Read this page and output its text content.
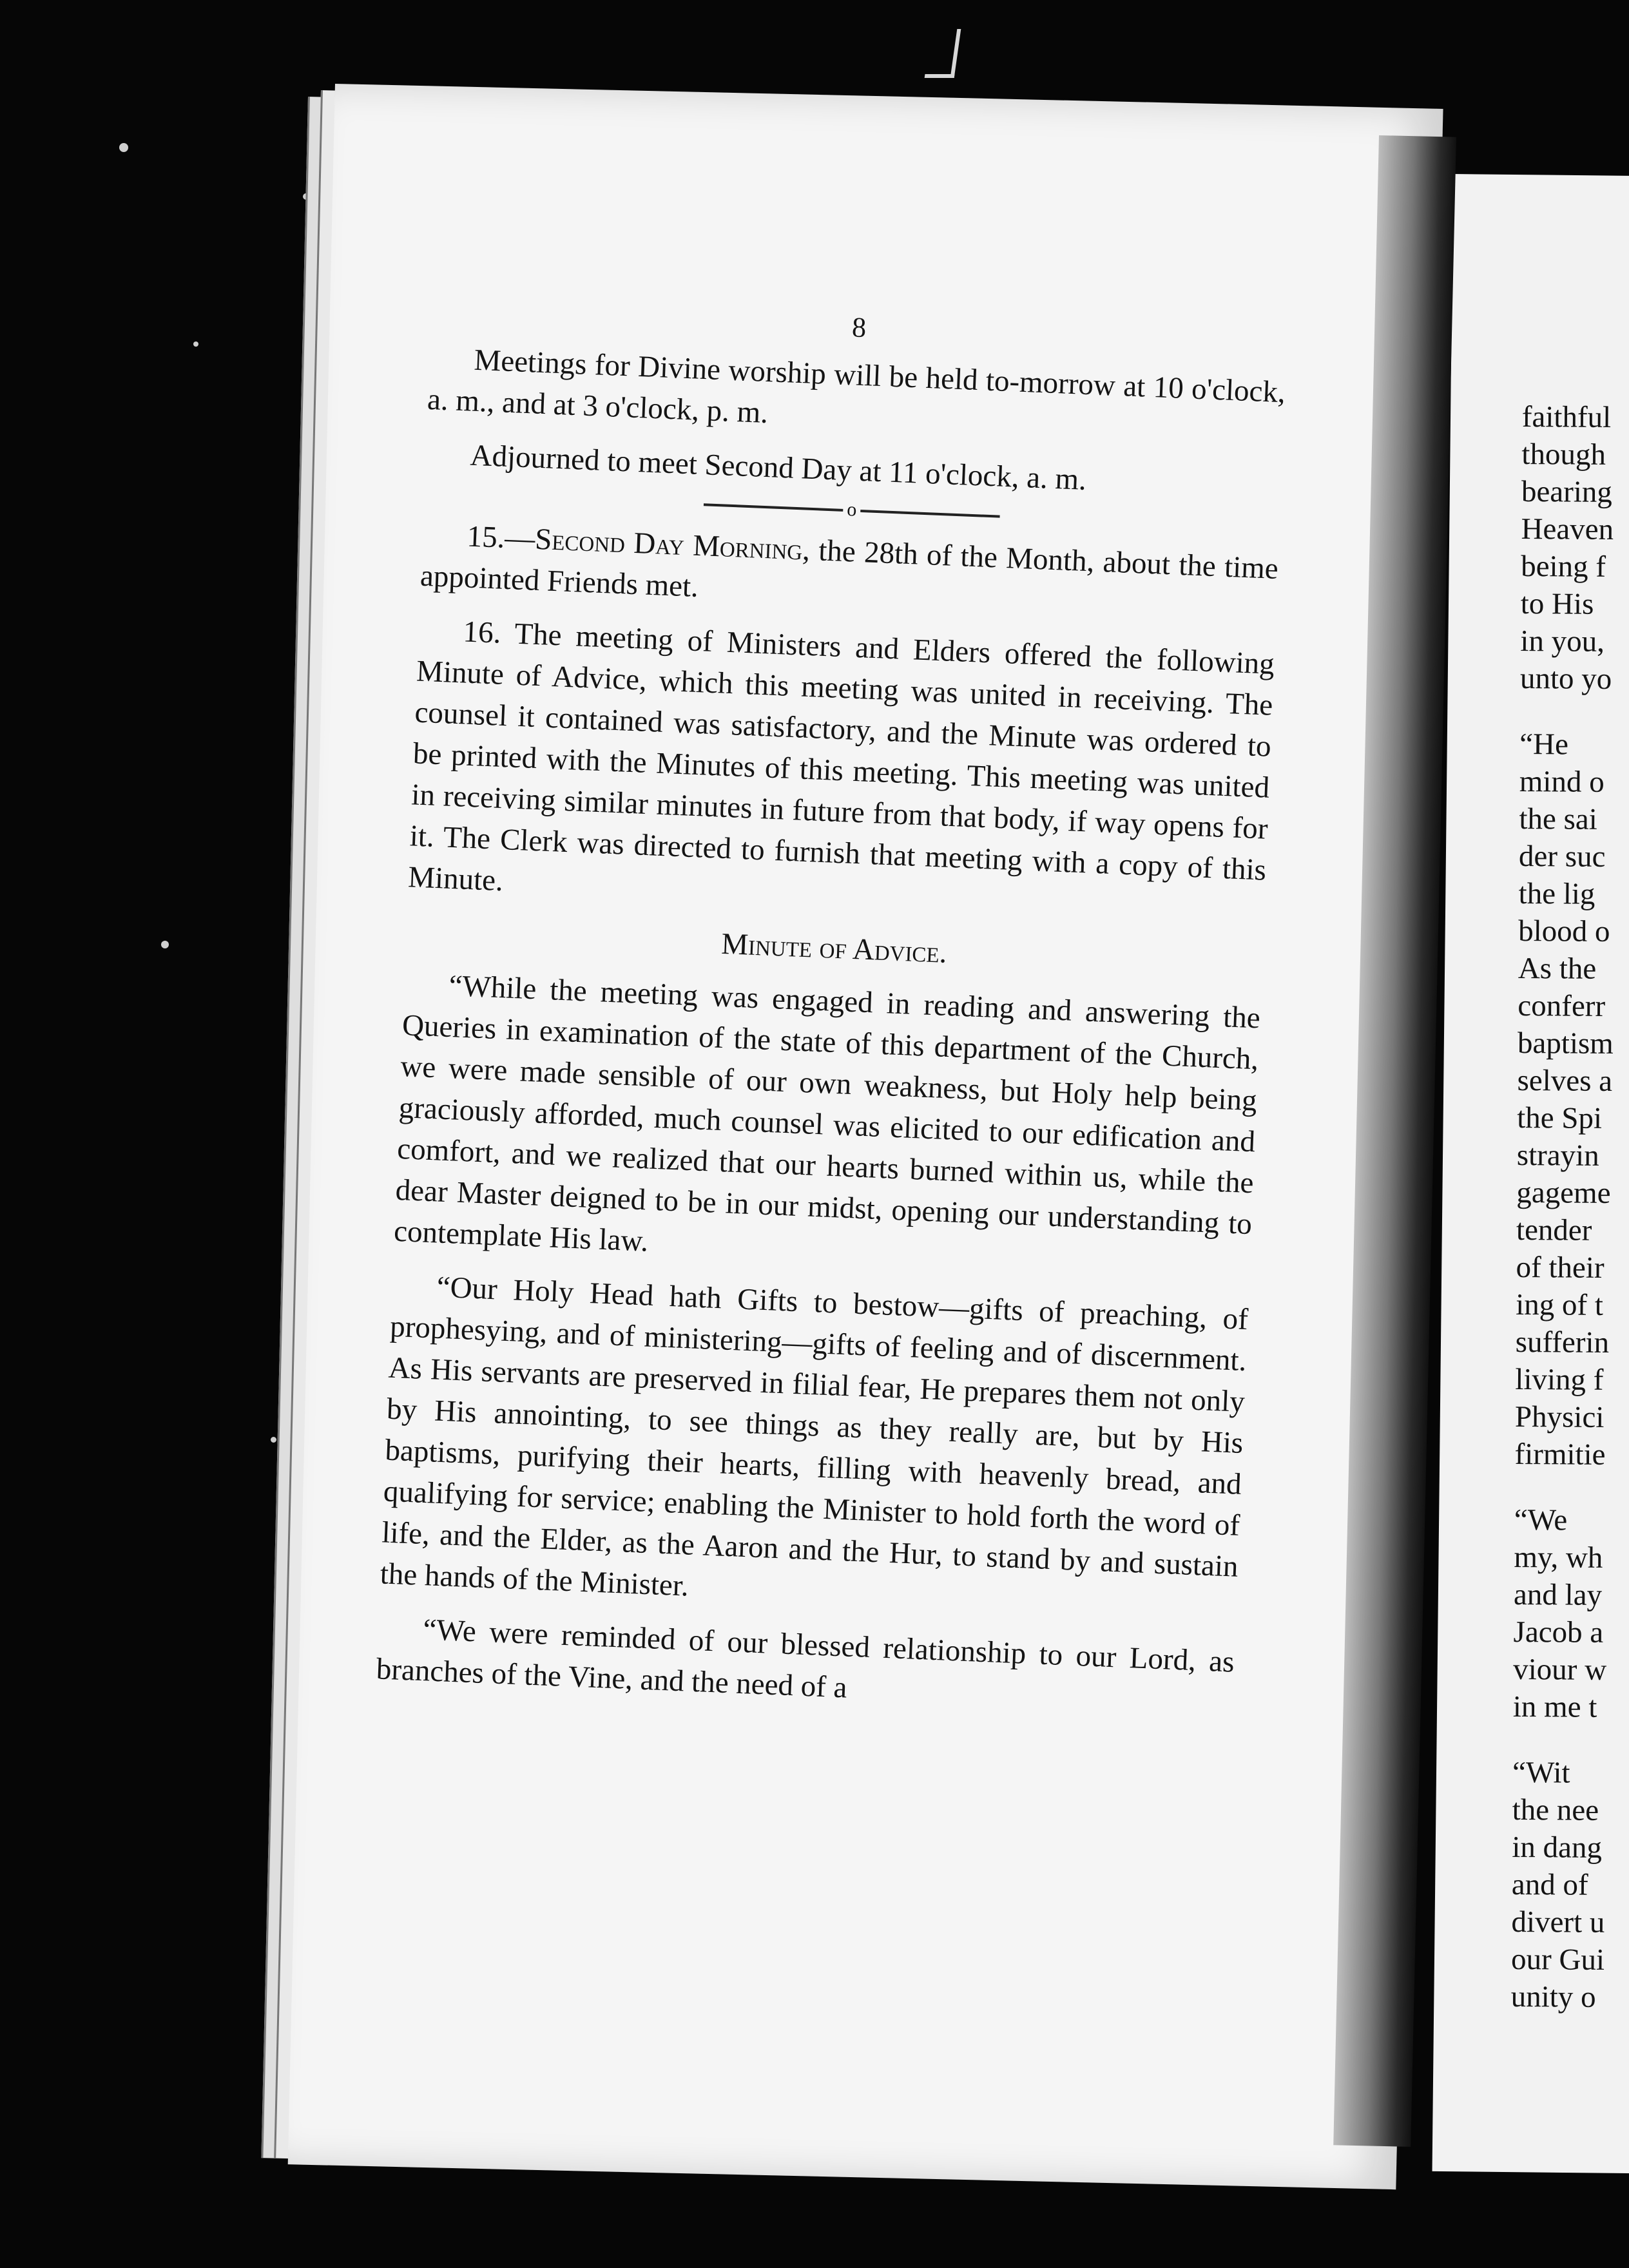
8

Meetings for Divine worship will be held to-morrow at 10 o'clock, a. m., and at 3 o'clock, p. m.

Adjourned to meet Second Day at 11 o'clock, a. m.

o

15.—Second Day Morning, the 28th of the Month, about the time appointed Friends met.

16. The meeting of Ministers and Elders offered the following Minute of Advice, which this meeting was united in receiving. The counsel it contained was satisfactory, and the Minute was ordered to be printed with the Minutes of this meeting. This meeting was united in receiving similar minutes in future from that body, if way opens for it. The Clerk was directed to furnish that meeting with a copy of this Minute.

Minute of Advice.

“While the meeting was engaged in reading and answering the Queries in examination of the state of this department of the Church, we were made sensible of our own weakness, but Holy help being graciously afforded, much counsel was elicited to our edification and comfort, and we realized that our hearts burned within us, while the dear Master deigned to be in our midst, opening our understanding to contemplate His law.

“Our Holy Head hath Gifts to bestow—gifts of preaching, of prophesying, and of ministering—gifts of feeling and of discernment. As His servants are preserved in filial fear, He prepares them not only by His annointing, to see things as they really are, but by His baptisms, purifying their hearts, filling with heavenly bread, and qualifying for service; enabling the Minister to hold forth the word of life, and the Elder, as the Aaron and the Hur, to stand by and sustain the hands of the Minister.

“We were reminded of our blessed relationship to our Lord, as branches of the Vine, and the need of a

faithful
though
bearing
Heaven
being f
to His
in you,
unto yo
“He
mind o
the sai
der suc
the lig
blood o
As the
conferr
baptism
selves a
the Spi
strayin
gageme
tender
of their
ing of t
sufferin
living f
Physici
firmitie
“We
my, wh
and lay
Jacob a
viour w
in me t
“Wit
the nee
in dang
and of
divert u
our Gui
unity o
